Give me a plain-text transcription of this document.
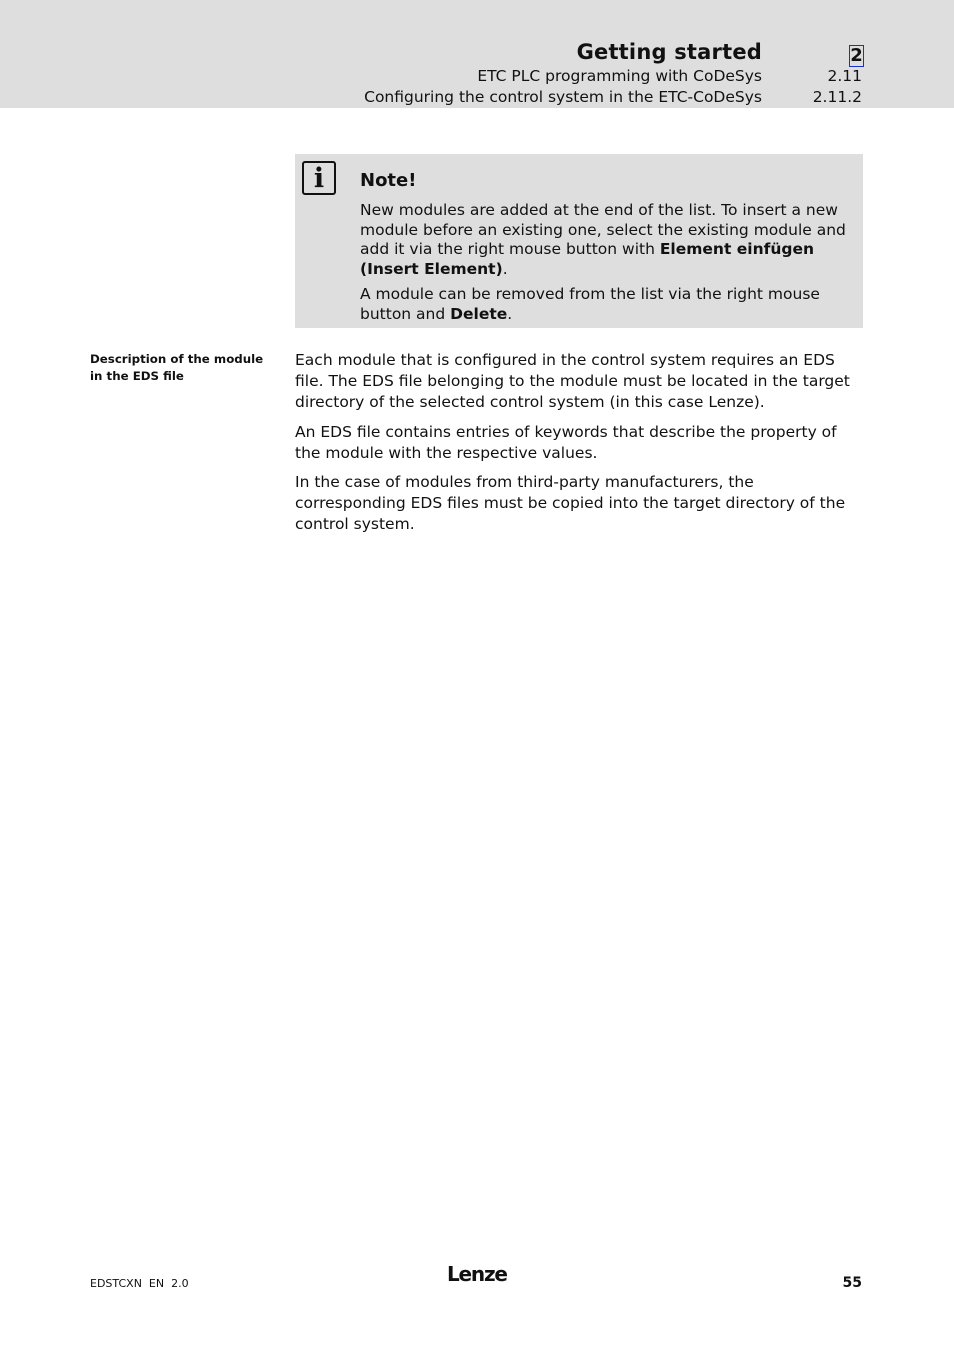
Getting started	2
ETC PLC programming with CoDeSys	2.11
Configuring the control system in the ETC-CoDeSys	2.11.2
i	Note!

New modules are added at the end of the list. To insert a new module before an existing one, select the existing module and add it via the right mouse button with Element einfügen (Insert Element).

A module can be removed from the list via the right mouse button and Delete.

Description of the module in the EDS file

Each module that is configured in the control system requires an EDS file. The EDS file belonging to the module must be located in the target directory of the selected control system (in this case Lenze).

An EDS file contains entries of keywords that describe the property of the module with the respective values.

In the case of modules from third-party manufacturers, the corresponding EDS files must be copied into the target directory of the control system.

EDSTCXN  EN  2.0	Lenze	55
